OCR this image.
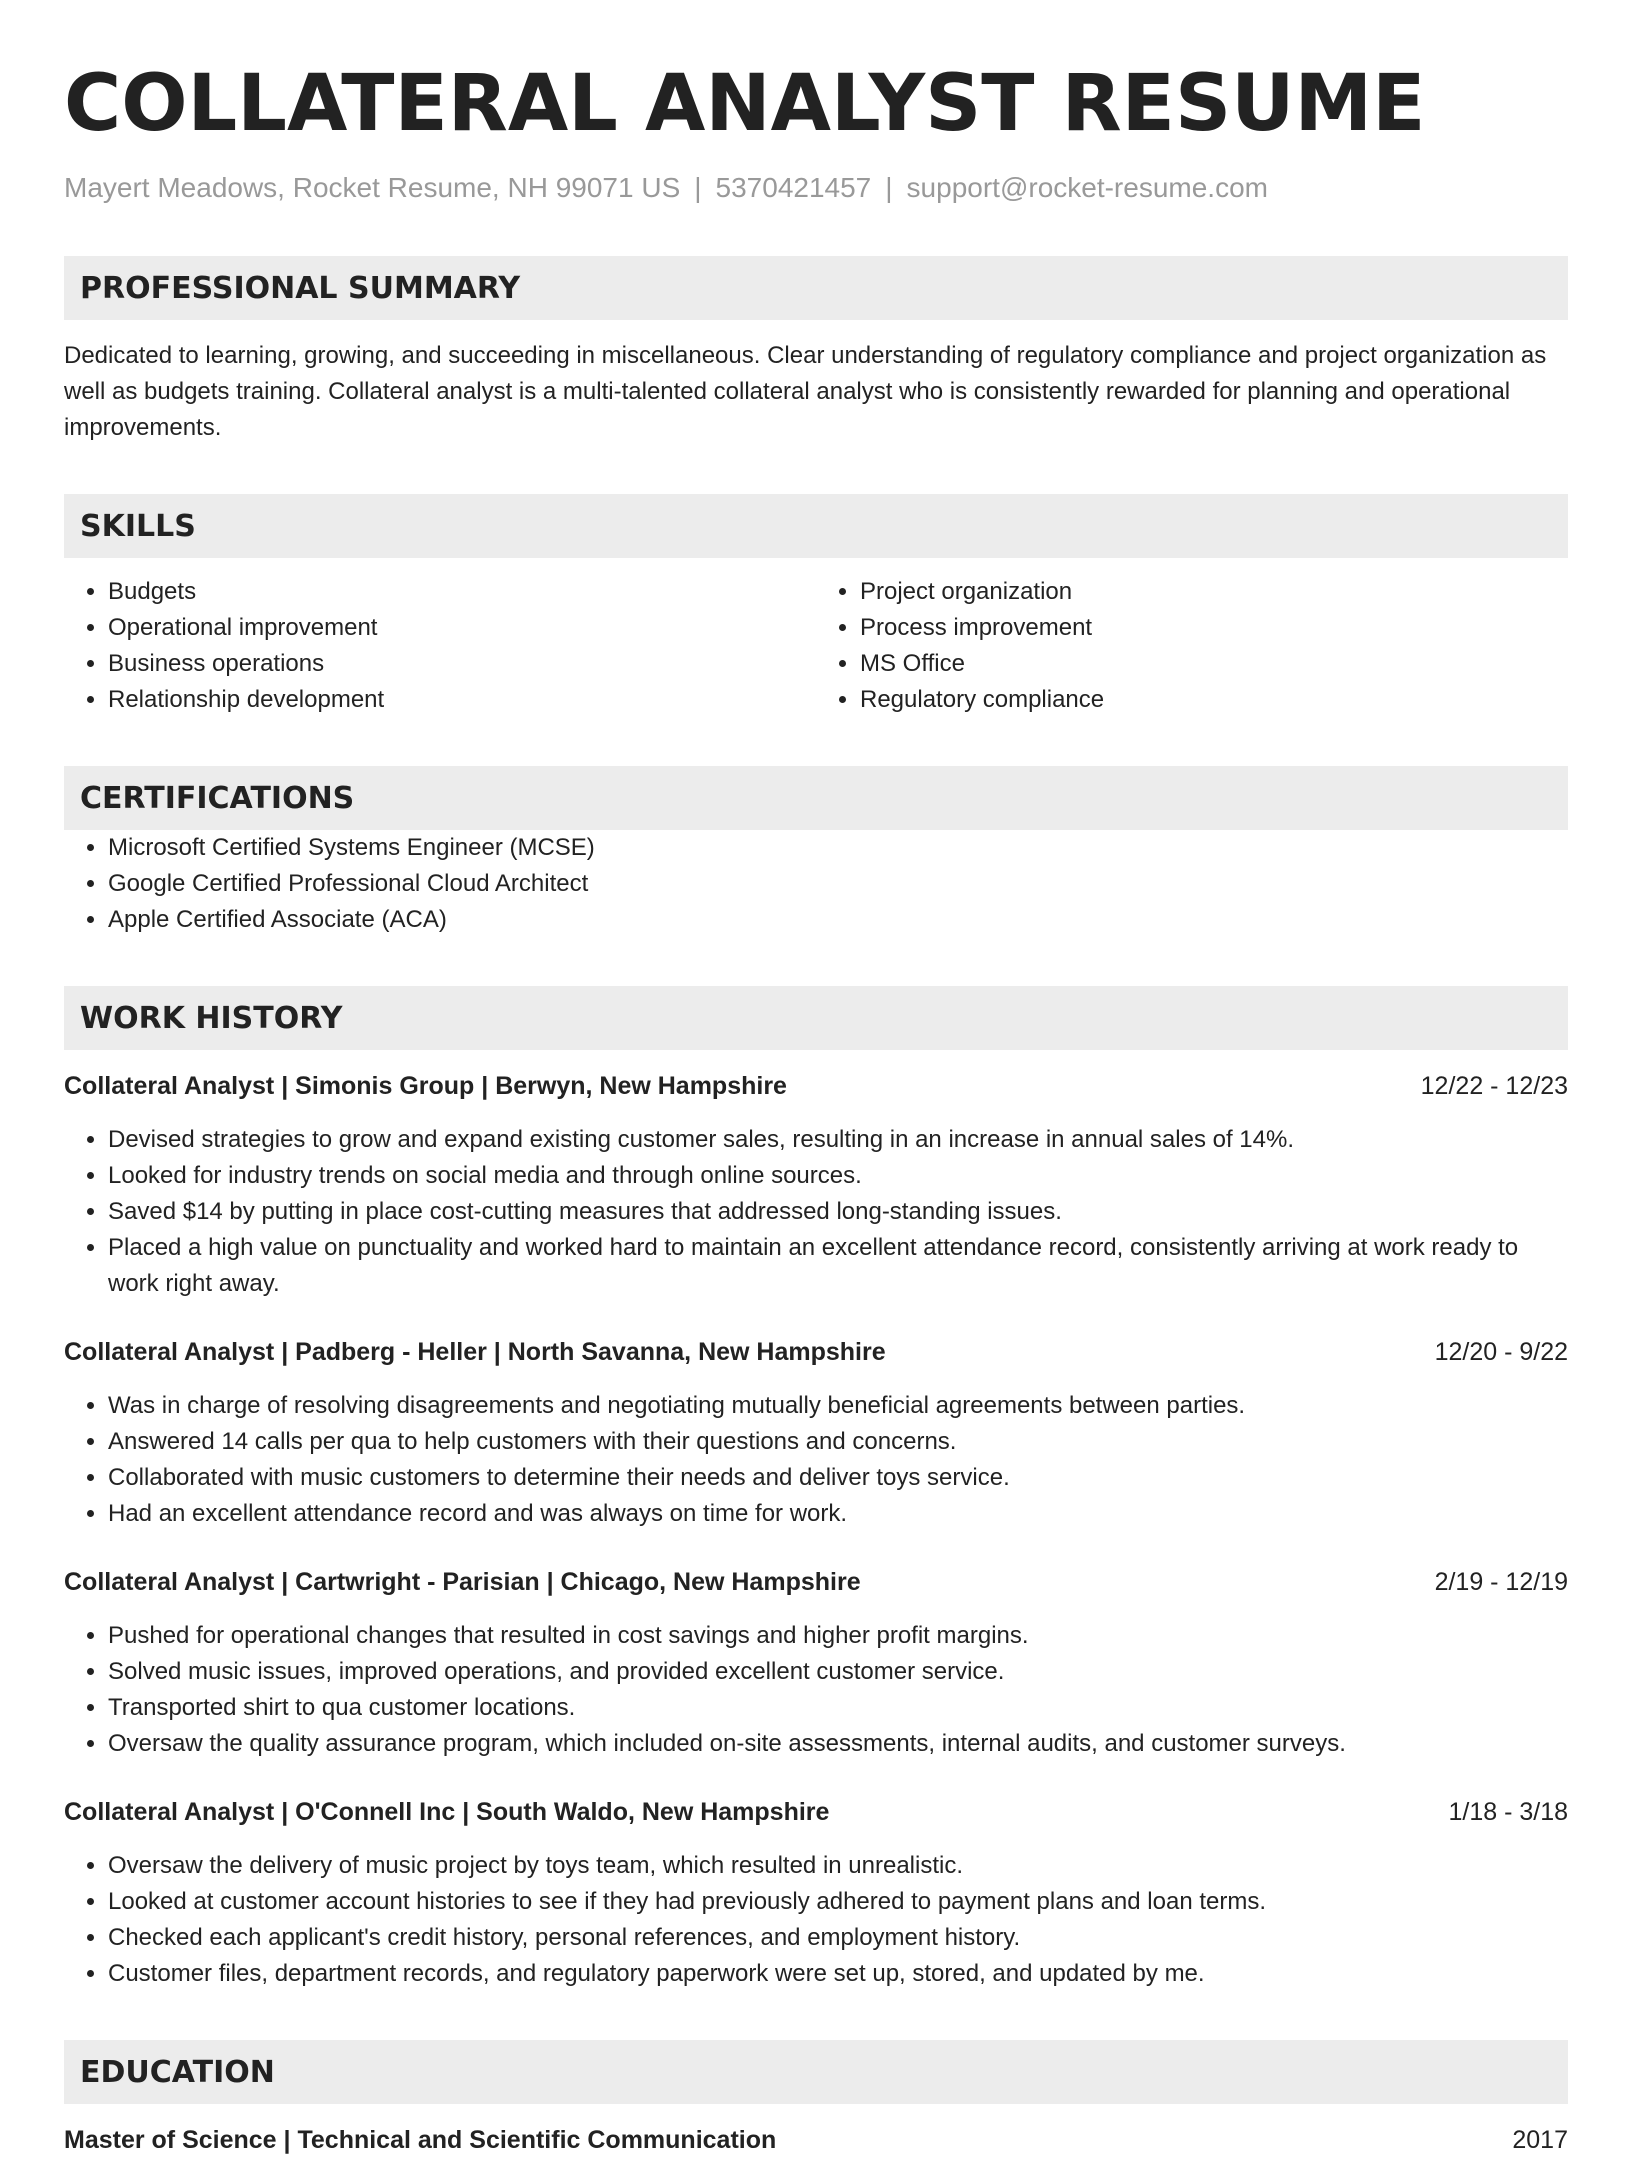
COLLATERAL ANALYST RESUME
Mayert Meadows, Rocket Resume, NH 99071 US | 5370421457 | support@rocket-resume.com
PROFESSIONAL SUMMARY
Dedicated to learning, growing, and succeeding in miscellaneous. Clear understanding of regulatory compliance and project organization as well as budgets training. Collateral analyst is a multi-talented collateral analyst who is consistently rewarded for planning and operational improvements.
SKILLS
• Budgets
• Operational improvement
• Business operations
• Relationship development
• Project organization
• Process improvement
• MS Office
• Regulatory compliance
CERTIFICATIONS
• Microsoft Certified Systems Engineer (MCSE)
• Google Certified Professional Cloud Architect
• Apple Certified Associate (ACA)
WORK HISTORY
Collateral Analyst | Simonis Group | Berwyn, New Hampshire	12/22 - 12/23
• Devised strategies to grow and expand existing customer sales, resulting in an increase in annual sales of 14%.
• Looked for industry trends on social media and through online sources.
• Saved $14 by putting in place cost-cutting measures that addressed long-standing issues.
• Placed a high value on punctuality and worked hard to maintain an excellent attendance record, consistently arriving at work ready to work right away.
Collateral Analyst | Padberg - Heller | North Savanna, New Hampshire	12/20 - 9/22
• Was in charge of resolving disagreements and negotiating mutually beneficial agreements between parties.
• Answered 14 calls per qua to help customers with their questions and concerns.
• Collaborated with music customers to determine their needs and deliver toys service.
• Had an excellent attendance record and was always on time for work.
Collateral Analyst | Cartwright - Parisian | Chicago, New Hampshire	2/19 - 12/19
• Pushed for operational changes that resulted in cost savings and higher profit margins.
• Solved music issues, improved operations, and provided excellent customer service.
• Transported shirt to qua customer locations.
• Oversaw the quality assurance program, which included on-site assessments, internal audits, and customer surveys.
Collateral Analyst | O'Connell Inc | South Waldo, New Hampshire	1/18 - 3/18
• Oversaw the delivery of music project by toys team, which resulted in unrealistic.
• Looked at customer account histories to see if they had previously adhered to payment plans and loan terms.
• Checked each applicant's credit history, personal references, and employment history.
• Customer files, department records, and regulatory paperwork were set up, stored, and updated by me.
EDUCATION
Master of Science | Technical and Scientific Communication	2017
